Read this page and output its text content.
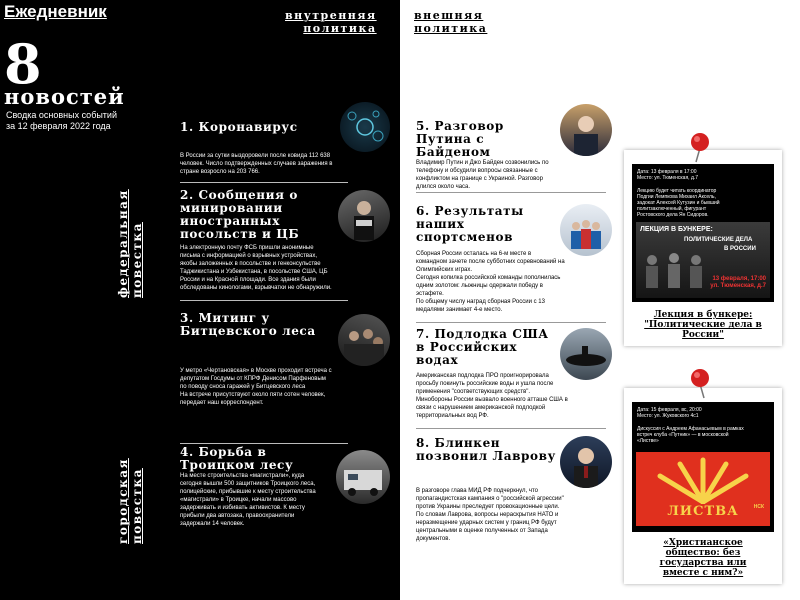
Ежедневник	внутренняя
политика
внешняя
политика
8
новостей
Сводка основных событий
за 12 февраля 2022 года
федеральная повестка
городская повестка
1. Коронавирус
В России за сутки выздоровели после ковида 112 638
человек. Число подтвержденных случаев заражения в
стране возросло на 203 766.
2. Сообщения о
минировании
иностранных
посольств и ЦБ
На электронную почту ФСБ пришли анонимные
письма с информацией о взрывных устройствах,
якобы заложенных в посольстве и генконсульстве
Таджикистана и Узбекистана, в посольстве США, ЦБ
России и на Красной площади. Все здания были
обследованы кинологами, взрывчатки не обнаружили.
3. Митинг у
Битцевского леса
У метро «Чертановская» в Москве проходит встреча с
депутатом Госдумы от КПРФ Денисом Парфеновым
по поводу сноса гаражей у Битцевского леса
На встрече присутствуют около пяти сотен человек,
передает наш корреспондент.
4. Борьба в
Троицком лесу
На месте строительства «магистрали», куда
сегодня вышли 500 защитников Троицкого леса,
полицейские, прибывшие к месту строительства
«магистрали» в Троицке, начали массово
задерживать и избивать активистов. К месту
прибыли два автозака, правоохранители
задержали 14 человек.
5. Разговор
Путина с
Байденом
Владимир Путин и Джо Байден созвонились по
телефону и обсудили вопросы связанные с
конфликтом на границе с Украиной. Разговор
длился около часа.
6. Результаты
наших
спортсменов
Сборная России осталась на 6-м месте в
командном зачете после субботних соревнований на
Олимпийских играх.
Сегодня копилка российской команды пополнилась
одним золотом: лыжницы одержали победу в
эстафете.
По общему числу наград сборная России с 13
медалями занимает 4-е место.
7. Подлодка США
в Российских
водах
Американская подлодка ПРО проигнорировала
просьбу покинуть российские воды и ушла после
применения "соответствующих средств".
Минобороны России вызвало военного атташе США в
связи с нарушением американской подлодкой
территориальных вод РФ.
8. Блинкен
позвонил Лаврову
В разговоре глава МИД РФ подчеркнул, что
пропагандистская кампания о "российской агрессии"
против Украины преследует провокационные цели.
По словам Лаврова, вопросы нераскрытия НАТО и
неразмещение ударных систем у границ РФ будут
центральными в оценке полученных от Запада
документов.
Дата: 13 февраля в 17:00
Место: ул. Тюменская, д.7
Лекцию будет читать координатор
Подгии Лемпкова Михаил Аксель,
задокат Алексей Кутузин и бывший
политзаключенный, фигурант
Ростовского дела Ян Сидоров.
ЛЕКЦИЯ В БУНКЕРЕ:
ПОЛИТИЧЕСКИЕ ДЕЛА
В РОССИИ
13 февраля, 17:00
ул. Тюменская, д.7
Лекция в бункере:
"Политические дела в
России"
Дата: 15 февраля, вс, 20:00
Место: ул. Жуковского 4с1
Дискуссия с Андреем Афанасьевым в рамках
встреч клуба «Путник» — в московской
«Листве»
ЛИСТВА	НСК
«Христианское
общество: без
государства или
вместе с ним?»
